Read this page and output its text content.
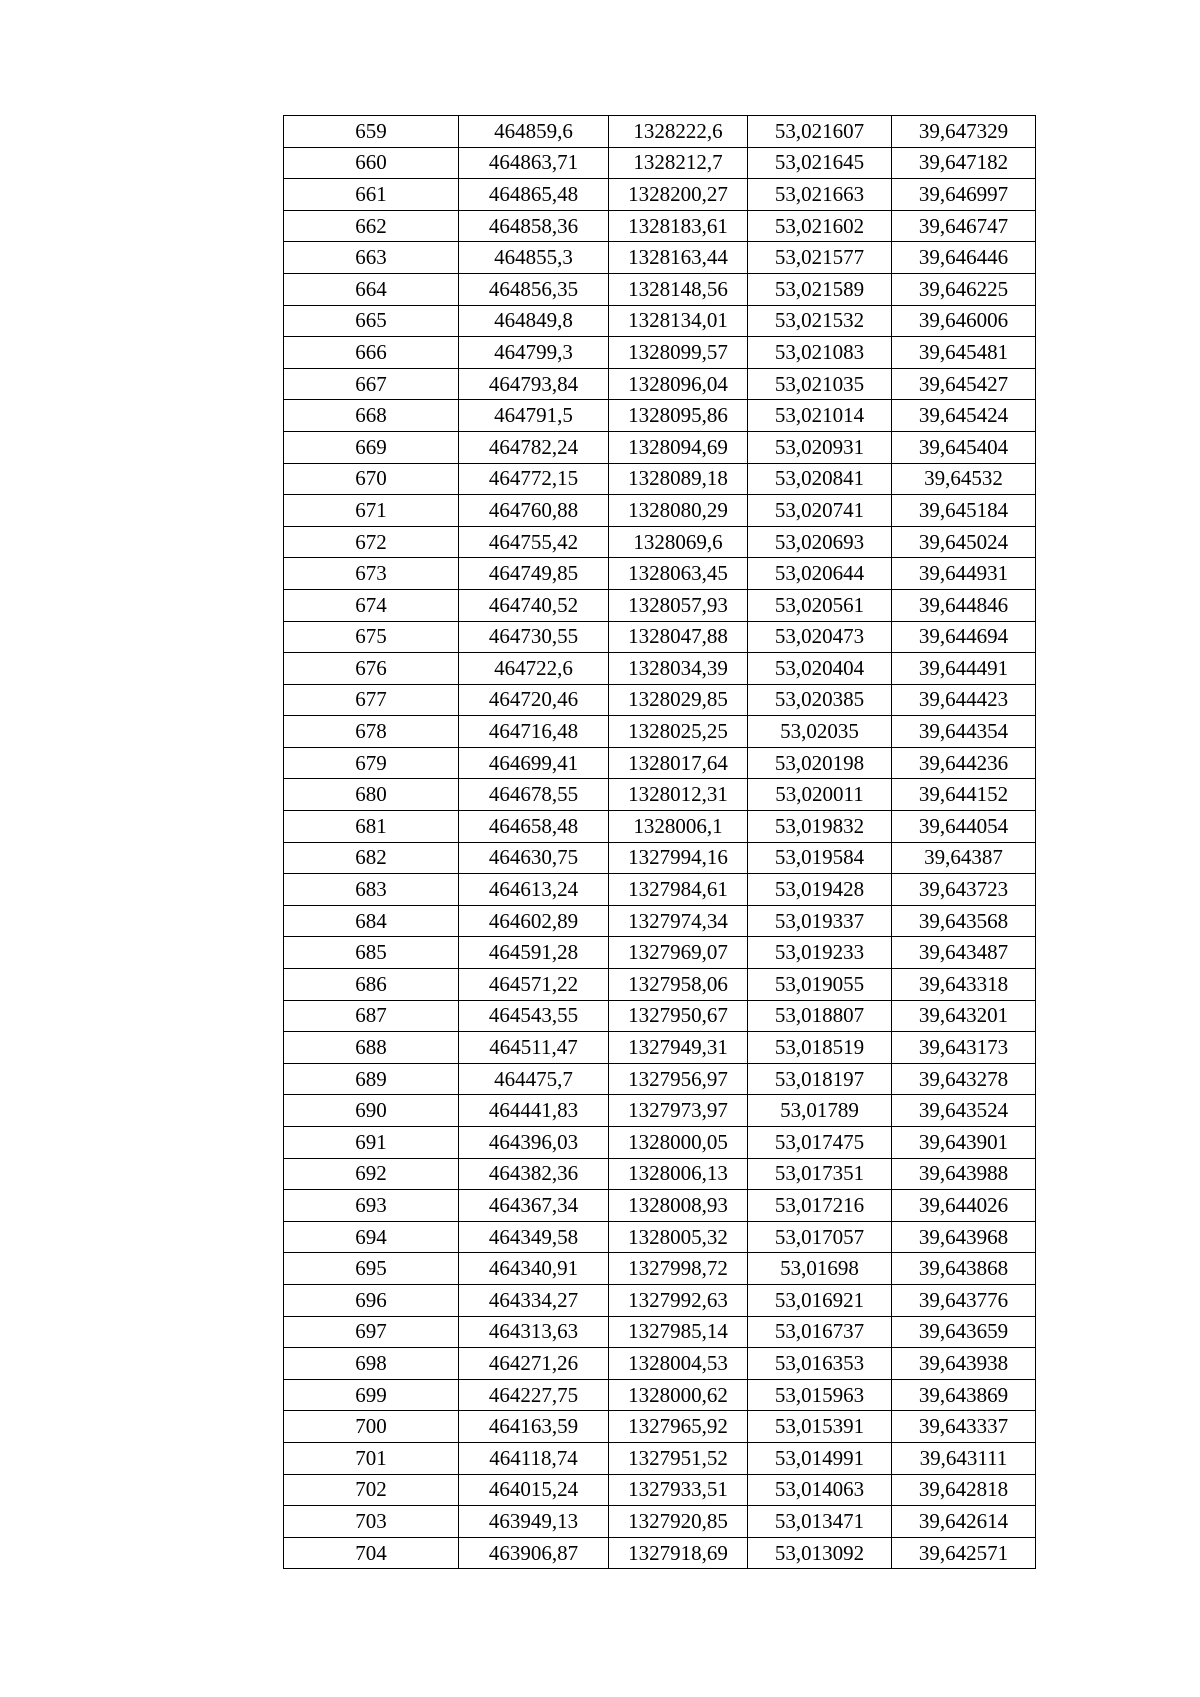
659	464859,6	1328222,6	53,021607	39,647329
660	464863,71	1328212,7	53,021645	39,647182
661	464865,48	1328200,27	53,021663	39,646997
662	464858,36	1328183,61	53,021602	39,646747
663	464855,3	1328163,44	53,021577	39,646446
664	464856,35	1328148,56	53,021589	39,646225
665	464849,8	1328134,01	53,021532	39,646006
666	464799,3	1328099,57	53,021083	39,645481
667	464793,84	1328096,04	53,021035	39,645427
668	464791,5	1328095,86	53,021014	39,645424
669	464782,24	1328094,69	53,020931	39,645404
670	464772,15	1328089,18	53,020841	39,64532
671	464760,88	1328080,29	53,020741	39,645184
672	464755,42	1328069,6	53,020693	39,645024
673	464749,85	1328063,45	53,020644	39,644931
674	464740,52	1328057,93	53,020561	39,644846
675	464730,55	1328047,88	53,020473	39,644694
676	464722,6	1328034,39	53,020404	39,644491
677	464720,46	1328029,85	53,020385	39,644423
678	464716,48	1328025,25	53,02035	39,644354
679	464699,41	1328017,64	53,020198	39,644236
680	464678,55	1328012,31	53,020011	39,644152
681	464658,48	1328006,1	53,019832	39,644054
682	464630,75	1327994,16	53,019584	39,64387
683	464613,24	1327984,61	53,019428	39,643723
684	464602,89	1327974,34	53,019337	39,643568
685	464591,28	1327969,07	53,019233	39,643487
686	464571,22	1327958,06	53,019055	39,643318
687	464543,55	1327950,67	53,018807	39,643201
688	464511,47	1327949,31	53,018519	39,643173
689	464475,7	1327956,97	53,018197	39,643278
690	464441,83	1327973,97	53,01789	39,643524
691	464396,03	1328000,05	53,017475	39,643901
692	464382,36	1328006,13	53,017351	39,643988
693	464367,34	1328008,93	53,017216	39,644026
694	464349,58	1328005,32	53,017057	39,643968
695	464340,91	1327998,72	53,01698	39,643868
696	464334,27	1327992,63	53,016921	39,643776
697	464313,63	1327985,14	53,016737	39,643659
698	464271,26	1328004,53	53,016353	39,643938
699	464227,75	1328000,62	53,015963	39,643869
700	464163,59	1327965,92	53,015391	39,643337
701	464118,74	1327951,52	53,014991	39,643111
702	464015,24	1327933,51	53,014063	39,642818
703	463949,13	1327920,85	53,013471	39,642614
704	463906,87	1327918,69	53,013092	39,642571
